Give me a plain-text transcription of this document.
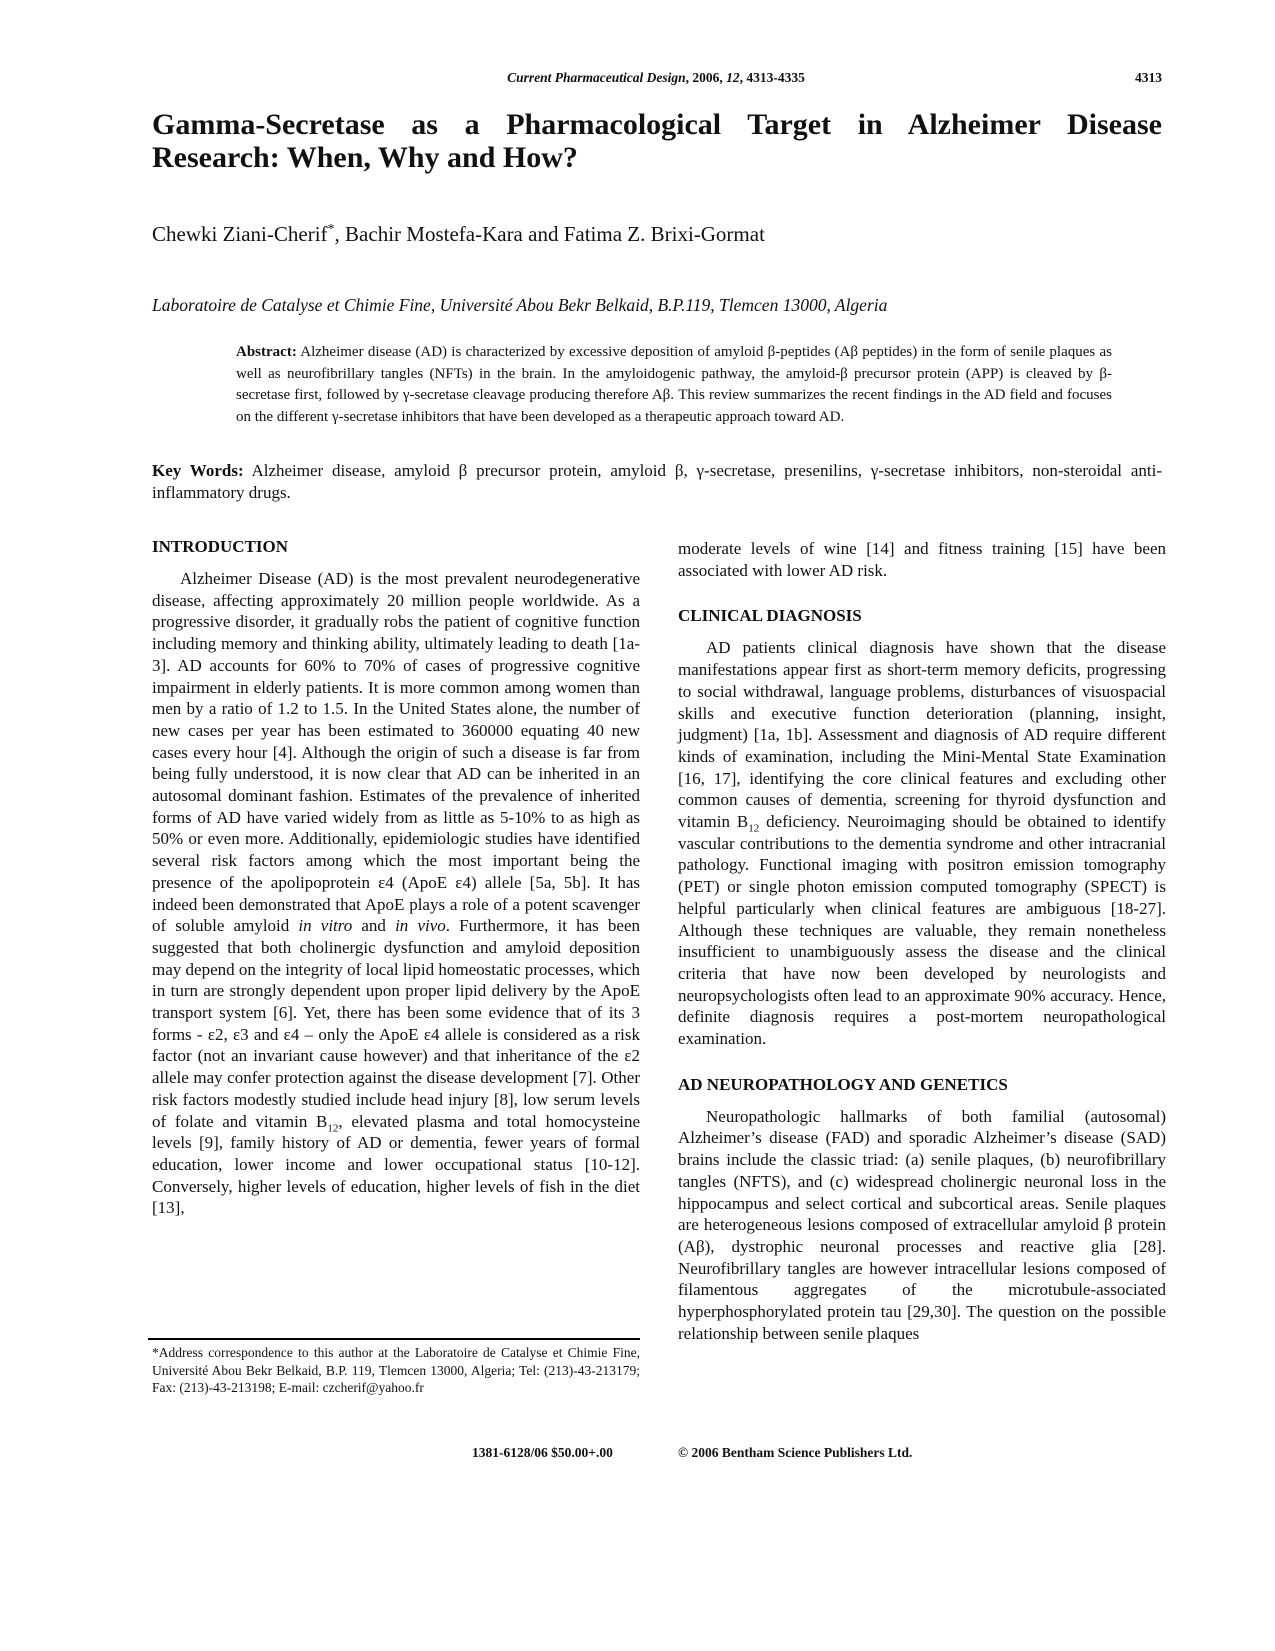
Current Pharmaceutical Design, 2006, 12, 4313-4335	4313
Gamma-Secretase as a Pharmacological Target in Alzheimer Disease Research: When, Why and How?
Chewki Ziani-Cherif*, Bachir Mostefa-Kara and Fatima Z. Brixi-Gormat
Laboratoire de Catalyse et Chimie Fine, Université Abou Bekr Belkaid, B.P.119, Tlemcen 13000, Algeria

Abstract: Alzheimer disease (AD) is characterized by excessive deposition of amyloid β-peptides (Aβ peptides) in the form of senile plaques as well as neurofibrillary tangles (NFTs) in the brain. In the amyloidogenic pathway, the amyloid-β precursor protein (APP) is cleaved by β-secretase first, followed by γ-secretase cleavage producing therefore Aβ. This review summarizes the recent findings in the AD field and focuses on the different γ-secretase inhibitors that have been developed as a therapeutic approach toward AD.

Key Words: Alzheimer disease, amyloid β precursor protein, amyloid β, γ-secretase, presenilins, γ-secretase inhibitors, non-steroidal anti-inflammatory drugs.

INTRODUCTION

Alzheimer Disease (AD) is the most prevalent neurodegenerative disease, affecting approximately 20 million people worldwide. As a progressive disorder, it gradually robs the patient of cognitive function including memory and thinking ability, ultimately leading to death [1a-3]. AD accounts for 60% to 70% of cases of progressive cognitive impairment in elderly patients. It is more common among women than men by a ratio of 1.2 to 1.5. In the United States alone, the number of new cases per year has been estimated to 360000 equating 40 new cases every hour [4]. Although the origin of such a disease is far from being fully understood, it is now clear that AD can be inherited in an autosomal dominant fashion. Estimates of the prevalence of inherited forms of AD have varied widely from as little as 5-10% to as high as 50% or even more. Additionally, epidemiologic studies have identified several risk factors among which the most important being the presence of the apolipoprotein ε4 (ApoE ε4) allele [5a, 5b]. It has indeed been demonstrated that ApoE plays a role of a potent scavenger of soluble amyloid in vitro and in vivo. Furthermore, it has been suggested that both cholinergic dysfunction and amyloid deposition may depend on the integrity of local lipid homeostatic processes, which in turn are strongly dependent upon proper lipid delivery by the ApoE transport system [6]. Yet, there has been some evidence that of its 3 forms - ε2, ε3 and ε4 – only the ApoE ε4 allele is considered as a risk factor (not an invariant cause however) and that inheritance of the ε2 allele may confer protection against the disease development [7]. Other risk factors modestly studied include head injury [8], low serum levels of folate and vitamin $B_{12}$, elevated plasma and total homocysteine levels [9], family history of AD or dementia, fewer years of formal education, lower income and lower occupational status [10-12]. Conversely, higher levels of education, higher levels of fish in the diet [13],

moderate levels of wine [14] and fitness training [15] have been associated with lower AD risk.

CLINICAL DIAGNOSIS

AD patients clinical diagnosis have shown that the disease manifestations appear first as short-term memory deficits, progressing to social withdrawal, language problems, disturbances of visuospacial skills and executive function deterioration (planning, insight, judgment) [1a, 1b]. Assessment and diagnosis of AD require different kinds of examination, including the Mini-Mental State Examination [16, 17], identifying the core clinical features and excluding other common causes of dementia, screening for thyroid dysfunction and vitamin $B_{12}$ deficiency. Neuroimaging should be obtained to identify vascular contributions to the dementia syndrome and other intracranial pathology. Functional imaging with positron emission tomography (PET) or single photon emission computed tomography (SPECT) is helpful particularly when clinical features are ambiguous [18-27]. Although these techniques are valuable, they remain nonetheless insufficient to unambiguously assess the disease and the clinical criteria that have now been developed by neurologists and neuropsychologists often lead to an approximate 90% accuracy. Hence, definite diagnosis requires a post-mortem neuropathological examination.

AD NEUROPATHOLOGY AND GENETICS

Neuropathologic hallmarks of both familial (autosomal) Alzheimer’s disease (FAD) and sporadic Alzheimer’s disease (SAD) brains include the classic triad: (a) senile plaques, (b) neurofibrillary tangles (NFTS), and (c) widespread cholinergic neuronal loss in the hippocampus and select cortical and subcortical areas. Senile plaques are heterogeneous lesions composed of extracellular amyloid β protein (Aβ), dystrophic neuronal processes and reactive glia [28]. Neurofibrillary tangles are however intracellular lesions composed of filamentous aggregates of the microtubule-associated hyperphosphorylated protein tau [29,30]. The question on the possible relationship between senile plaques

*Address correspondence to this author at the Laboratoire de Catalyse et Chimie Fine, Université Abou Bekr Belkaid, B.P. 119, Tlemcen 13000, Algeria; Tel: (213)-43-213179; Fax: (213)-43-213198; E-mail: czcherif@yahoo.fr

1381-6128/06 $50.00+.00	© 2006 Bentham Science Publishers Ltd.
